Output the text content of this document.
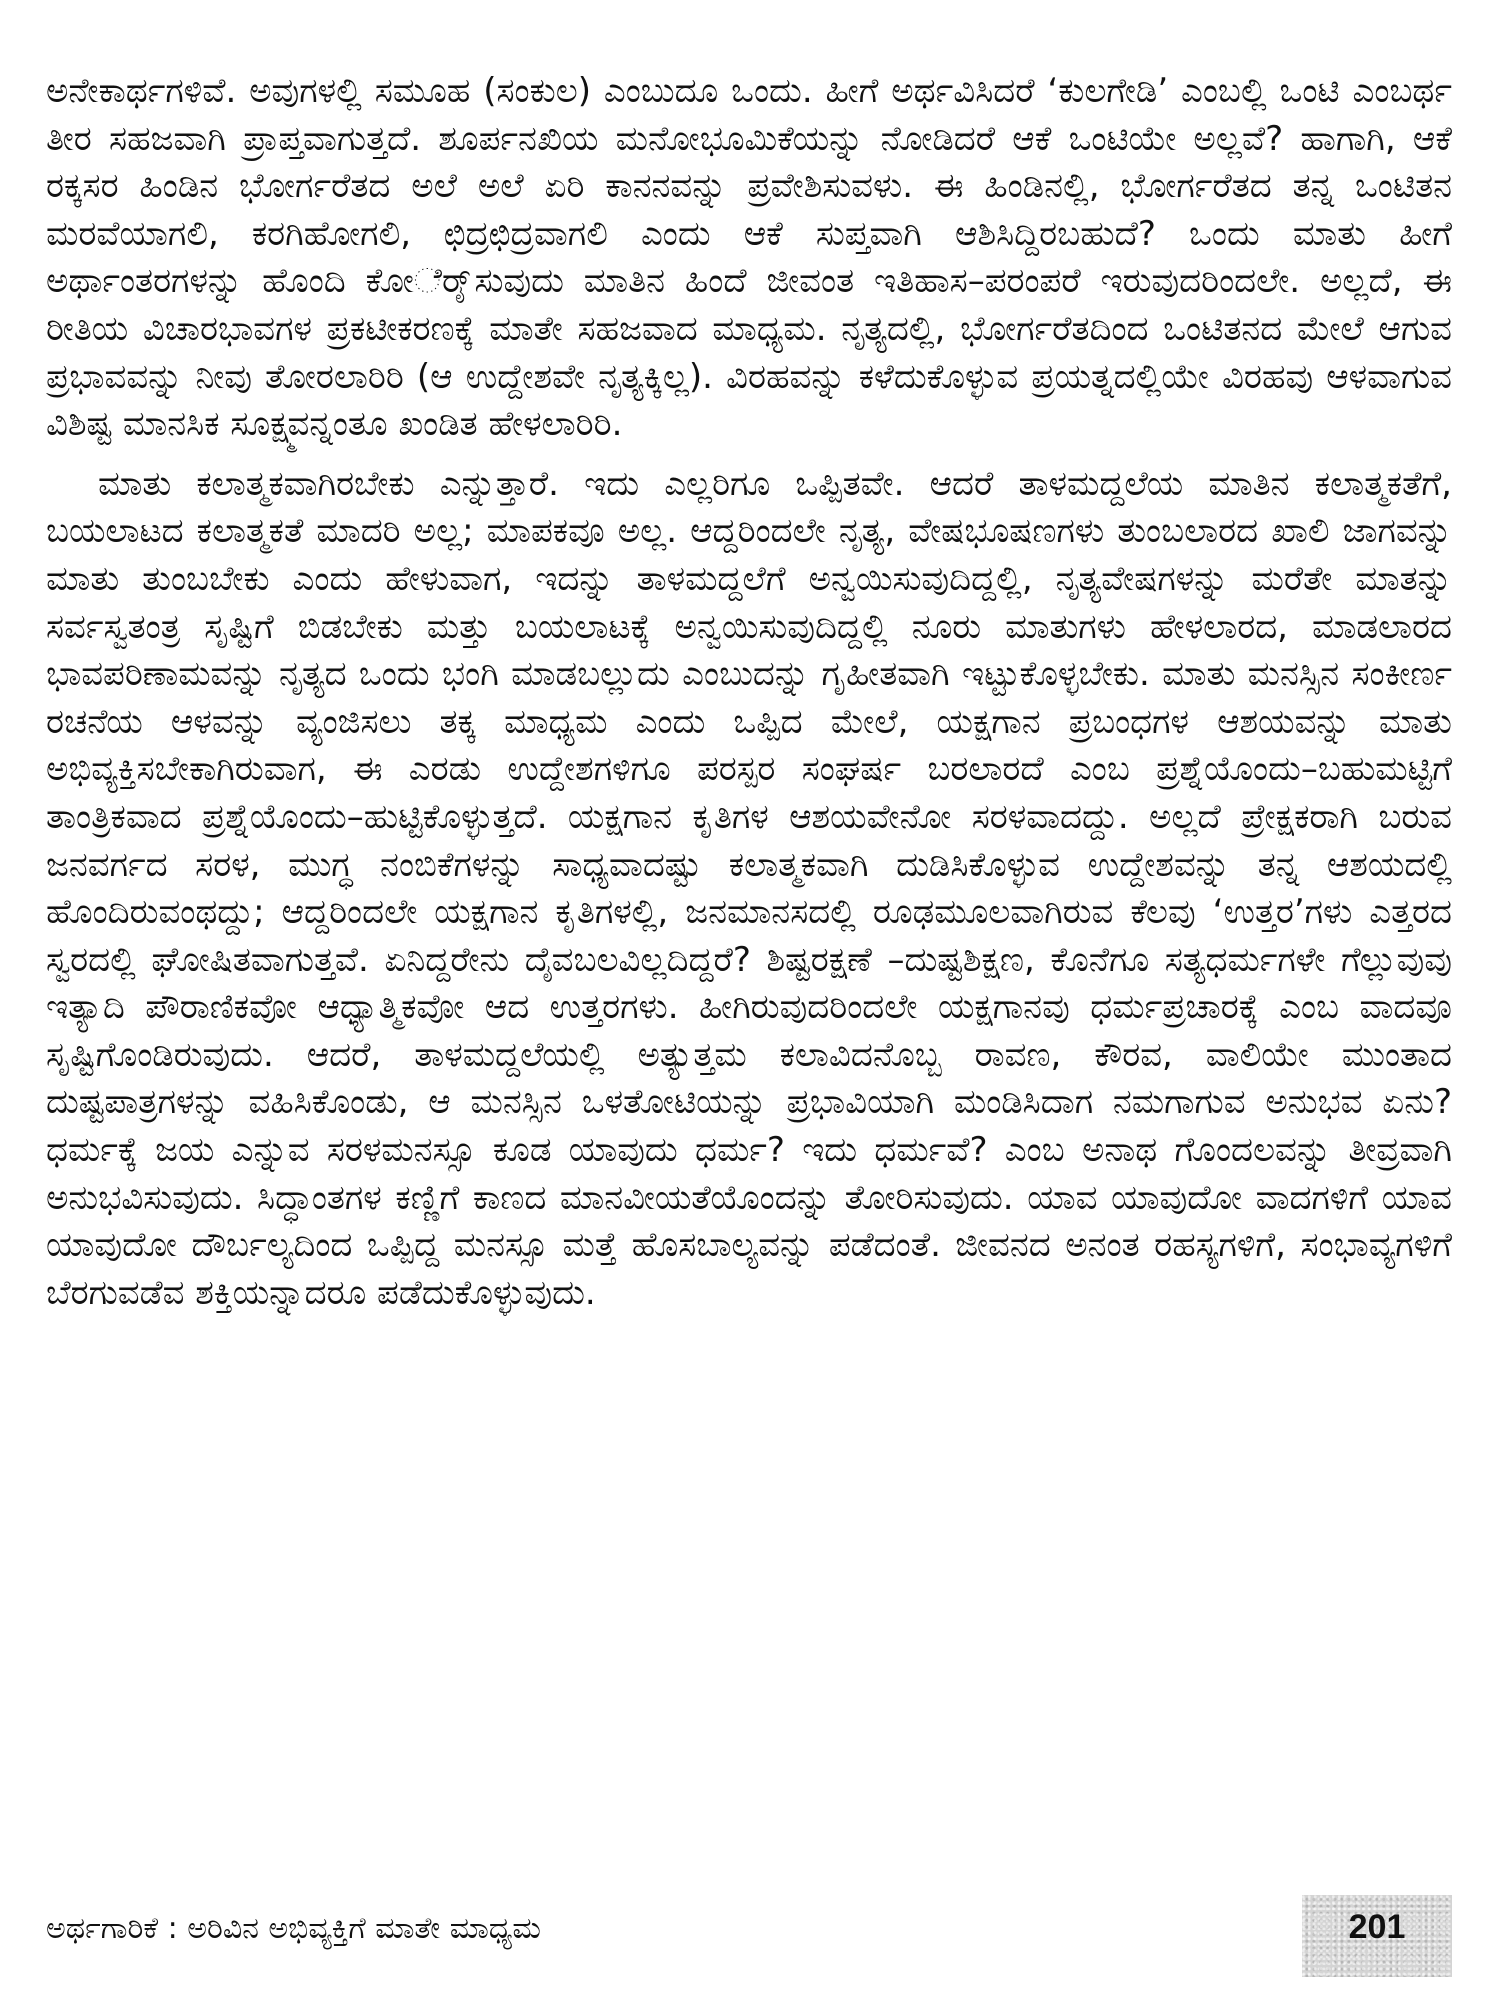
ಅನೇಕಾರ್ಥಗಳಿವೆ. ಅವುಗಳಲ್ಲಿ ಸಮೂಹ (ಸಂಕುಲ) ಎಂಬುದೂ ಒಂದು. ಹೀಗೆ ಅರ್ಥವಿಸಿದರೆ ‘ಕುಲಗೇಡಿ’ ಎಂಬಲ್ಲಿ ಒಂಟಿ ಎಂಬರ್ಥ ತೀರ ಸಹಜವಾಗಿ ಪ್ರಾಪ್ತವಾಗುತ್ತದೆ. ಶೂರ್ಪನಖಿಯ ಮನೋಭೂಮಿಕೆಯನ್ನು ನೋಡಿದರೆ ಆಕೆ ಒಂಟಿಯೇ ಅಲ್ಲವೆ? ಹಾಗಾಗಿ, ಆಕೆ ರಕ್ಕಸರ ಹಿಂಡಿನ ಭೋರ್ಗರೆತದ ಅಲೆ ಅಲೆ ಏರಿ ಕಾನನವನ್ನು ಪ್ರವೇಶಿಸುವಳು. ಈ ಹಿಂಡಿನಲ್ಲಿ, ಭೋರ್ಗರೆತದ ತನ್ನ ಒಂಟಿತನ ಮರವೆಯಾಗಲಿ, ಕರಗಿಹೋಗಲಿ, ಛಿದ್ರಛಿದ್ರವಾಗಲಿ ಎಂದು ಆಕೆ ಸುಪ್ತವಾಗಿ ಆಶಿಸಿದ್ದಿರಬಹುದೆ? ಒಂದು ಮಾತು ಹೀಗೆ ಅರ್ಥಾಂತರಗಳನ್ನು ಹೊಂದಿ ಕೋರ್ೈಸುವುದು ಮಾತಿನ ಹಿಂದೆ ಜೀವಂತ ಇತಿಹಾಸ–ಪರಂಪರೆ ಇರುವುದರಿಂದಲೇ. ಅಲ್ಲದೆ, ಈ ರೀತಿಯ ವಿಚಾರಭಾವಗಳ ಪ್ರಕಟೀಕರಣಕ್ಕೆ ಮಾತೇ ಸಹಜವಾದ ಮಾಧ್ಯಮ. ನೃತ್ಯದಲ್ಲಿ, ಭೋರ್ಗರೆತದಿಂದ ಒಂಟಿತನದ ಮೇಲೆ ಆಗುವ ಪ್ರಭಾವವನ್ನು ನೀವು ತೋರಲಾರಿರಿ (ಆ ಉದ್ದೇಶವೇ ನೃತ್ಯಕ್ಕಿಲ್ಲ). ವಿರಹವನ್ನು ಕಳೆದುಕೊಳ್ಳುವ ಪ್ರಯತ್ನದಲ್ಲಿಯೇ ವಿರಹವು ಆಳವಾಗುವ ವಿಶಿಷ್ಟ ಮಾನಸಿಕ ಸೂಕ್ಷ್ಮವನ್ನಂತೂ ಖಂಡಿತ ಹೇಳಲಾರಿರಿ.

ಮಾತು ಕಲಾತ್ಮಕವಾಗಿರಬೇಕು ಎನ್ನುತ್ತಾರೆ. ಇದು ಎಲ್ಲರಿಗೂ ಒಪ್ಪಿತವೇ. ಆದರೆ ತಾಳಮದ್ದಲೆಯ ಮಾತಿನ ಕಲಾತ್ಮಕತೆಗೆ, ಬಯಲಾಟದ ಕಲಾತ್ಮಕತೆ ಮಾದರಿ ಅಲ್ಲ; ಮಾಪಕವೂ ಅಲ್ಲ. ಆದ್ದರಿಂದಲೇ ನೃತ್ಯ, ವೇಷಭೂಷಣಗಳು ತುಂಬಲಾರದ ಖಾಲಿ ಜಾಗವನ್ನು ಮಾತು ತುಂಬಬೇಕು ಎಂದು ಹೇಳುವಾಗ, ಇದನ್ನು ತಾಳಮದ್ದಲೆಗೆ ಅನ್ವಯಿಸುವುದಿದ್ದಲ್ಲಿ, ನೃತ್ಯವೇಷಗಳನ್ನು ಮರೆತೇ ಮಾತನ್ನು ಸರ್ವಸ್ವತಂತ್ರ ಸೃಷ್ಟಿಗೆ ಬಿಡಬೇಕು ಮತ್ತು ಬಯಲಾಟಕ್ಕೆ ಅನ್ವಯಿಸುವುದಿದ್ದಲ್ಲಿ ನೂರು ಮಾತುಗಳು ಹೇಳಲಾರದ, ಮಾಡಲಾರದ ಭಾವಪರಿಣಾಮವನ್ನು ನೃತ್ಯದ ಒಂದು ಭಂಗಿ ಮಾಡಬಲ್ಲುದು ಎಂಬುದನ್ನು ಗೃಹೀತವಾಗಿ ಇಟ್ಟುಕೊಳ್ಳಬೇಕು. ಮಾತು ಮನಸ್ಸಿನ ಸಂಕೀರ್ಣ ರಚನೆಯ ಆಳವನ್ನು ವ್ಯಂಜಿಸಲು ತಕ್ಕ ಮಾಧ್ಯಮ ಎಂದು ಒಪ್ಪಿದ ಮೇಲೆ, ಯಕ್ಷಗಾನ ಪ್ರಬಂಧಗಳ ಆಶಯವನ್ನು ಮಾತು ಅಭಿವ್ಯಕ್ತಿಸಬೇಕಾಗಿರುವಾಗ, ಈ ಎರಡು ಉದ್ದೇಶಗಳಿಗೂ ಪರಸ್ಪರ ಸಂಘರ್ಷ ಬರಲಾರದೆ ಎಂಬ ಪ್ರಶ್ನೆಯೊಂದು–ಬಹುಮಟ್ಟಿಗೆ ತಾಂತ್ರಿಕವಾದ ಪ್ರಶ್ನೆಯೊಂದು–ಹುಟ್ಟಿಕೊಳ್ಳುತ್ತದೆ. ಯಕ್ಷಗಾನ ಕೃತಿಗಳ ಆಶಯವೇನೋ ಸರಳವಾದದ್ದು. ಅಲ್ಲದೆ ಪ್ರೇಕ್ಷಕರಾಗಿ ಬರುವ ಜನವರ್ಗದ ಸರಳ, ಮುಗ್ಧ ನಂಬಿಕೆಗಳನ್ನು ಸಾಧ್ಯವಾದಷ್ಟು ಕಲಾತ್ಮಕವಾಗಿ ದುಡಿಸಿಕೊಳ್ಳುವ ಉದ್ದೇಶವನ್ನು ತನ್ನ ಆಶಯದಲ್ಲಿ ಹೊಂದಿರುವಂಥದ್ದು; ಆದ್ದರಿಂದಲೇ ಯಕ್ಷಗಾನ ಕೃತಿಗಳಲ್ಲಿ, ಜನಮಾನಸದಲ್ಲಿ ರೂಢಮೂಲವಾಗಿರುವ ಕೆಲವು ‘ಉತ್ತರ’ಗಳು ಎತ್ತರದ ಸ್ವರದಲ್ಲಿ ಘೋಷಿತವಾಗುತ್ತವೆ. ಏನಿದ್ದರೇನು ದೈವಬಲವಿಲ್ಲದಿದ್ದರೆ? ಶಿಷ್ಟರಕ್ಷಣೆ –ದುಷ್ಟಶಿಕ್ಷಣ, ಕೊನೆಗೂ ಸತ್ಯಧರ್ಮಗಳೇ ಗೆಲ್ಲುವುವು ಇತ್ಯಾದಿ ಪೌರಾಣಿಕವೋ ಆಧ್ಯಾತ್ಮಿಕವೋ ಆದ ಉತ್ತರಗಳು. ಹೀಗಿರುವುದರಿಂದಲೇ ಯಕ್ಷಗಾನವು ಧರ್ಮಪ್ರಚಾರಕ್ಕೆ ಎಂಬ ವಾದವೂ ಸೃಷ್ಟಿಗೊಂಡಿರುವುದು. ಆದರೆ, ತಾಳಮದ್ದಲೆಯಲ್ಲಿ ಅತ್ಯುತ್ತಮ ಕಲಾವಿದನೊಬ್ಬ ರಾವಣ, ಕೌರವ, ವಾಲಿಯೇ ಮುಂತಾದ ದುಷ್ಟಪಾತ್ರಗಳನ್ನು ವಹಿಸಿಕೊಂಡು, ಆ ಮನಸ್ಸಿನ ಒಳತೋಟಿಯನ್ನು ಪ್ರಭಾವಿಯಾಗಿ ಮಂಡಿಸಿದಾಗ ನಮಗಾಗುವ ಅನುಭವ ಏನು? ಧರ್ಮಕ್ಕೆ ಜಯ ಎನ್ನುವ ಸರಳಮನಸ್ಸೂ ಕೂಡ ಯಾವುದು ಧರ್ಮ? ಇದು ಧರ್ಮವೆ? ಎಂಬ ಅನಾಥ ಗೊಂದಲವನ್ನು ತೀವ್ರವಾಗಿ ಅನುಭವಿಸುವುದು. ಸಿದ್ಧಾಂತಗಳ ಕಣ್ಣಿಗೆ ಕಾಣದ ಮಾನವೀಯತೆಯೊಂದನ್ನು ತೋರಿಸುವುದು. ಯಾವ ಯಾವುದೋ ವಾದಗಳಿಗೆ ಯಾವ ಯಾವುದೋ ದೌರ್ಬಲ್ಯದಿಂದ ಒಪ್ಪಿದ್ದ ಮನಸ್ಸೂ ಮತ್ತೆ ಹೊಸಬಾಲ್ಯವನ್ನು ಪಡೆದಂತೆ. ಜೀವನದ ಅನಂತ ರಹಸ್ಯಗಳಿಗೆ, ಸಂಭಾವ್ಯಗಳಿಗೆ ಬೆರಗುವಡೆವ ಶಕ್ತಿಯನ್ನಾದರೂ ಪಡೆದುಕೊಳ್ಳುವುದು.

ಅರ್ಥಗಾರಿಕೆ : ಅರಿವಿನ ಅಭಿವ್ಯಕ್ತಿಗೆ ಮಾತೇ ಮಾಧ್ಯಮ	201
